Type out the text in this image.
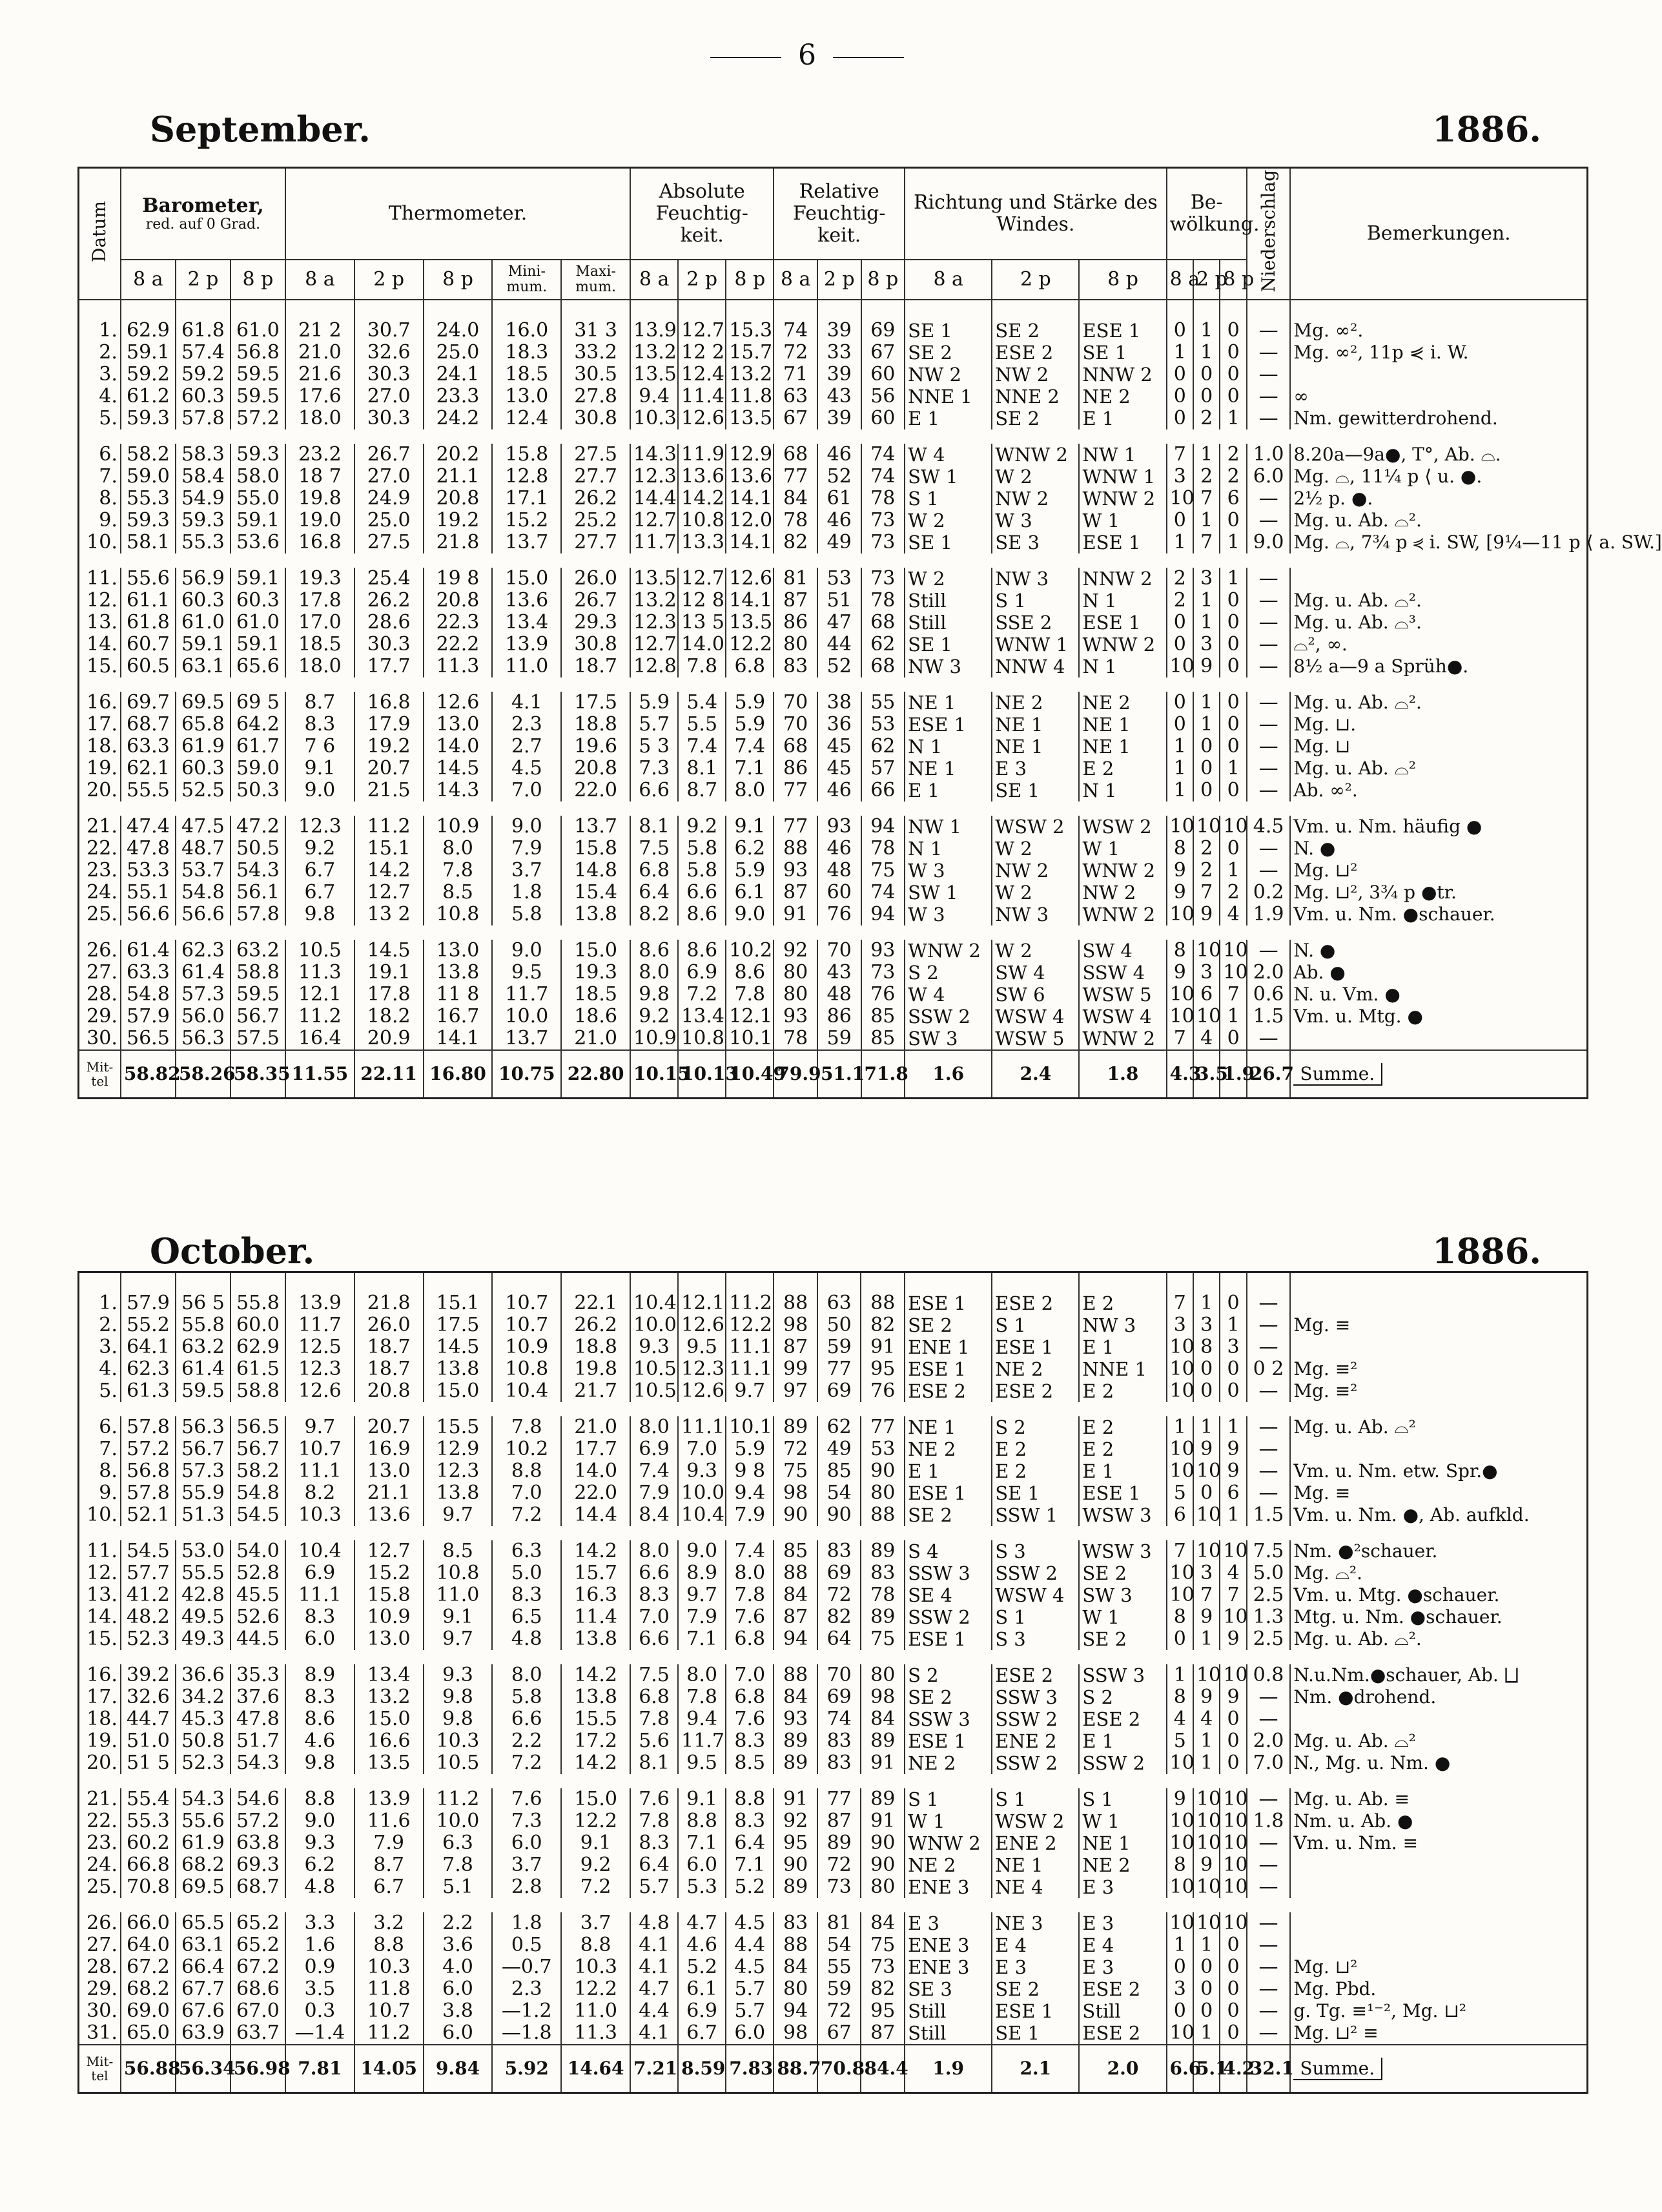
6
September.	1886.
Datum	Barometer,
red. auf 0 Grad.			Thermometer.					Absolute Feuchtig- keit.			Relative Feuchtig- keit.			Richtung und Stärke des Windes.			Be- wölkung.			Niederschlag	Bemerkungen.
	8 a	2 p	8 p	8 a	2 p	8 p	Mini- mum.	Maxi- mum.	8 a	2 p	8 p	8 a	2 p	8 p	8 a	2 p	8 p	8 a	2 p	8 p		
1.	62.9	61.8	61.0	21 2	30.7	24.0	16.0	31 3	13.9	12.7	15.3	74	39	69	SE 1	SE 2	ESE 1	0	1	0	—	Mg. ∞².
2.	59.1	57.4	56.8	21.0	32.6	25.0	18.3	33.2	13.2	12 2	15.7	72	33	67	SE 2	ESE 2	SE 1	1	1	0	—	Mg. ∞², 11p ⋞ i. W.
3.	59.2	59.2	59.5	21.6	30.3	24.1	18.5	30.5	13.5	12.4	13.2	71	39	60	NW 2	NW 2	NNW 2	0	0	0	—	
4.	61.2	60.3	59.5	17.6	27.0	23.3	13.0	27.8	9.4	11.4	11.8	63	43	56	NNE 1	NNE 2	NE 2	0	0	0	—	∞
5.	59.3	57.8	57.2	18.0	30.3	24.2	12.4	30.8	10.3	12.6	13.5	67	39	60	E 1	SE 2	E 1	0	2	1	—	Nm. gewitterdrohend.

6.	58.2	58.3	59.3	23.2	26.7	20.2	15.8	27.5	14.3	11.9	12.9	68	46	74	W 4	WNW 2	NW 1	7	1	2	1.0	8.20a—9a●, T°, Ab. ⌓.
7.	59.0	58.4	58.0	18 7	27.0	21.1	12.8	27.7	12.3	13.6	13.6	77	52	74	SW 1	W 2	WNW 1	3	2	2	6.0	Mg. ⌓, 11¼ p ⟨ u. ●.
8.	55.3	54.9	55.0	19.8	24.9	20.8	17.1	26.2	14.4	14.2	14.1	84	61	78	S 1	NW 2	WNW 2	10	7	6	—	2½ p. ●.
9.	59.3	59.3	59.1	19.0	25.0	19.2	15.2	25.2	12.7	10.8	12.0	78	46	73	W 2	W 3	W 1	0	1	0	—	Mg. u. Ab. ⌓².
10.	58.1	55.3	53.6	16.8	27.5	21.8	13.7	27.7	11.7	13.3	14.1	82	49	73	SE 1	SE 3	ESE 1	1	7	1	9.0	Mg. ⌓, 7¾ p ⋞ i. SW, [9¼—11 p ⟨ a. SW.]

11.	55.6	56.9	59.1	19.3	25.4	19 8	15.0	26.0	13.5	12.7	12.6	81	53	73	W 2	NW 3	NNW 2	2	3	1	—	
12.	61.1	60.3	60.3	17.8	26.2	20.8	13.6	26.7	13.2	12 8	14.1	87	51	78	Still	S 1	N 1	2	1	0	—	Mg. u. Ab. ⌓².
13.	61.8	61.0	61.0	17.0	28.6	22.3	13.4	29.3	12.3	13 5	13.5	86	47	68	Still	SSE 2	ESE 1	0	1	0	—	Mg. u. Ab. ⌓³.
14.	60.7	59.1	59.1	18.5	30.3	22.2	13.9	30.8	12.7	14.0	12.2	80	44	62	SE 1	WNW 1	WNW 2	0	3	0	—	⌓², ∞.
15.	60.5	63.1	65.6	18.0	17.7	11.3	11.0	18.7	12.8	7.8	6.8	83	52	68	NW 3	NNW 4	N 1	10	9	0	—	8½ a—9 a Sprüh●.

16.	69.7	69.5	69 5	8.7	16.8	12.6	4.1	17.5	5.9	5.4	5.9	70	38	55	NE 1	NE 2	NE 2	0	1	0	—	Mg. u. Ab. ⌓².
17.	68.7	65.8	64.2	8.3	17.9	13.0	2.3	18.8	5.7	5.5	5.9	70	36	53	ESE 1	NE 1	NE 1	0	1	0	—	Mg. ⊔.
18.	63.3	61.9	61.7	7 6	19.2	14.0	2.7	19.6	5 3	7.4	7.4	68	45	62	N 1	NE 1	NE 1	1	0	0	—	Mg. ⊔
19.	62.1	60.3	59.0	9.1	20.7	14.5	4.5	20.8	7.3	8.1	7.1	86	45	57	NE 1	E 3	E 2	1	0	1	—	Mg. u. Ab. ⌓²
20.	55.5	52.5	50.3	9.0	21.5	14.3	7.0	22.0	6.6	8.7	8.0	77	46	66	E 1	SE 1	N 1	1	0	0	—	Ab. ∞².

21.	47.4	47.5	47.2	12.3	11.2	10.9	9.0	13.7	8.1	9.2	9.1	77	93	94	NW 1	WSW 2	WSW 2	10	10	10	4.5	Vm. u. Nm. häufig ●
22.	47.8	48.7	50.5	9.2	15.1	8.0	7.9	15.8	7.5	5.8	6.2	88	46	78	N 1	W 2	W 1	8	2	0	—	N. ●
23.	53.3	53.7	54.3	6.7	14.2	7.8	3.7	14.8	6.8	5.8	5.9	93	48	75	W 3	NW 2	WNW 2	9	2	1	—	Mg. ⊔²
24.	55.1	54.8	56.1	6.7	12.7	8.5	1.8	15.4	6.4	6.6	6.1	87	60	74	SW 1	W 2	NW 2	9	7	2	0.2	Mg. ⊔², 3¾ p ●tr.
25.	56.6	56.6	57.8	9.8	13 2	10.8	5.8	13.8	8.2	8.6	9.0	91	76	94	W 3	NW 3	WNW 2	10	9	4	1.9	Vm. u. Nm. ●schauer.

26.	61.4	62.3	63.2	10.5	14.5	13.0	9.0	15.0	8.6	8.6	10.2	92	70	93	WNW 2	W 2	SW 4	8	10	10	—	N. ●
27.	63.3	61.4	58.8	11.3	19.1	13.8	9.5	19.3	8.0	6.9	8.6	80	43	73	S 2	SW 4	SSW 4	9	3	10	2.0	Ab. ●
28.	54.8	57.3	59.5	12.1	17.8	11 8	11.7	18.5	9.8	7.2	7.8	80	48	76	W 4	SW 6	WSW 5	10	6	7	0.6	N. u. Vm. ●
29.	57.9	56.0	56.7	11.2	18.2	16.7	10.0	18.6	9.2	13.4	12.1	93	86	85	SSW 2	WSW 4	WSW 4	10	10	1	1.5	Vm. u. Mtg. ●
30.	56.5	56.3	57.5	16.4	20.9	14.1	13.7	21.0	10.9	10.8	10.1	78	59	85	SW 3	WSW 5	WNW 2	7	4	0	—	
Mit- tel	58.82	58.26	58.35	11.55	22.11	16.80	10.75	22.80	10.15	10.13	10.49	79.9	51.1	71.8	1.6	2.4	1.8	4.3	3.5	1.9	26.7	Summe.
October.	1886.
1.	57.9	56 5	55.8	13.9	21.8	15.1	10.7	22.1	10.4	12.1	11.2	88	63	88	ESE 1	ESE 2	E 2	7	1	0	—	
2.	55.2	55.8	60.0	11.7	26.0	17.5	10.7	26.2	10.0	12.6	12.2	98	50	82	SE 2	S 1	NW 3	3	3	1	—	Mg. ≡
3.	64.1	63.2	62.9	12.5	18.7	14.5	10.9	18.8	9.3	9.5	11.1	87	59	91	ENE 1	ESE 1	E 1	10	8	3	—	
4.	62.3	61.4	61.5	12.3	18.7	13.8	10.8	19.8	10.5	12.3	11.1	99	77	95	ESE 1	NE 2	NNE 1	10	0	0	0 2	Mg. ≡²
5.	61.3	59.5	58.8	12.6	20.8	15.0	10.4	21.7	10.5	12.6	9.7	97	69	76	ESE 2	ESE 2	E 2	10	0	0	—	Mg. ≡²

6.	57.8	56.3	56.5	9.7	20.7	15.5	7.8	21.0	8.0	11.1	10.1	89	62	77	NE 1	S 2	E 2	1	1	1	—	Mg. u. Ab. ⌓²
7.	57.2	56.7	56.7	10.7	16.9	12.9	10.2	17.7	6.9	7.0	5.9	72	49	53	NE 2	E 2	E 2	10	9	9	—	
8.	56.8	57.3	58.2	11.1	13.0	12.3	8.8	14.0	7.4	9.3	9 8	75	85	90	E 1	E 2	E 1	10	10	9	—	Vm. u. Nm. etw. Spr.●
9.	57.8	55.9	54.8	8.2	21.1	13.8	7.0	22.0	7.9	10.0	9.4	98	54	80	ESE 1	SE 1	ESE 1	5	0	6	—	Mg. ≡
10.	52.1	51.3	54.5	10.3	13.6	9.7	7.2	14.4	8.4	10.4	7.9	90	90	88	SE 2	SSW 1	WSW 3	6	10	1	1.5	Vm. u. Nm. ●, Ab. aufkld.

11.	54.5	53.0	54.0	10.4	12.7	8.5	6.3	14.2	8.0	9.0	7.4	85	83	89	S 4	S 3	WSW 3	7	10	10	7.5	Nm. ●²schauer.
12.	57.7	55.5	52.8	6.9	15.2	10.8	5.0	15.7	6.6	8.9	8.0	88	69	83	SSW 3	SSW 2	SE 2	10	3	4	5.0	Mg. ⌓².
13.	41.2	42.8	45.5	11.1	15.8	11.0	8.3	16.3	8.3	9.7	7.8	84	72	78	SE 4	WSW 4	SW 3	10	7	7	2.5	Vm. u. Mtg. ●schauer.
14.	48.2	49.5	52.6	8.3	10.9	9.1	6.5	11.4	7.0	7.9	7.6	87	82	89	SSW 2	S 1	W 1	8	9	10	1.3	Mtg. u. Nm. ●schauer.
15.	52.3	49.3	44.5	6.0	13.0	9.7	4.8	13.8	6.6	7.1	6.8	94	64	75	ESE 1	S 3	SE 2	0	1	9	2.5	Mg. u. Ab. ⌓².

16.	39.2	36.6	35.3	8.9	13.4	9.3	8.0	14.2	7.5	8.0	7.0	88	70	80	S 2	ESE 2	SSW 3	1	10	10	0.8	N.u.Nm.●schauer, Ab. ⨆
17.	32.6	34.2	37.6	8.3	13.2	9.8	5.8	13.8	6.8	7.8	6.8	84	69	98	SE 2	SSW 3	S 2	8	9	9	—	Nm. ●drohend.
18.	44.7	45.3	47.8	8.6	15.0	9.8	6.6	15.5	7.8	9.4	7.6	93	74	84	SSW 3	SSW 2	ESE 2	4	4	0	—	
19.	51.0	50.8	51.7	4.6	16.6	10.3	2.2	17.2	5.6	11.7	8.3	89	83	89	ESE 1	ENE 2	E 1	5	1	0	2.0	Mg. u. Ab. ⌓²
20.	51 5	52.3	54.3	9.8	13.5	10.5	7.2	14.2	8.1	9.5	8.5	89	83	91	NE 2	SSW 2	SSW 2	10	1	0	7.0	N., Mg. u. Nm. ●

21.	55.4	54.3	54.6	8.8	13.9	11.2	7.6	15.0	7.6	9.1	8.8	91	77	89	S 1	S 1	S 1	9	10	10	—	Mg. u. Ab. ≡
22.	55.3	55.6	57.2	9.0	11.6	10.0	7.3	12.2	7.8	8.8	8.3	92	87	91	W 1	WSW 2	W 1	10	10	10	1.8	Nm. u. Ab. ●
23.	60.2	61.9	63.8	9.3	7.9	6.3	6.0	9.1	8.3	7.1	6.4	95	89	90	WNW 2	ENE 2	NE 1	10	10	10	—	Vm. u. Nm. ≡
24.	66.8	68.2	69.3	6.2	8.7	7.8	3.7	9.2	6.4	6.0	7.1	90	72	90	NE 2	NE 1	NE 2	8	9	10	—	
25.	70.8	69.5	68.7	4.8	6.7	5.1	2.8	7.2	5.7	5.3	5.2	89	73	80	ENE 3	NE 4	E 3	10	10	10	—	

26.	66.0	65.5	65.2	3.3	3.2	2.2	1.8	3.7	4.8	4.7	4.5	83	81	84	E 3	NE 3	E 3	10	10	10	—	
27.	64.0	63.1	65.2	1.6	8.8	3.6	0.5	8.8	4.1	4.6	4.4	88	54	75	ENE 3	E 4	E 4	1	1	0	—	
28.	67.2	66.4	67.2	0.9	10.3	4.0	—0.7	10.3	4.1	5.2	4.5	84	55	73	ENE 3	E 3	E 3	0	0	0	—	Mg. ⊔²
29.	68.2	67.7	68.6	3.5	11.8	6.0	2.3	12.2	4.7	6.1	5.7	80	59	82	SE 3	SE 2	ESE 2	3	0	0	—	Mg. Pbd.
30.	69.0	67.6	67.0	0.3	10.7	3.8	—1.2	11.0	4.4	6.9	5.7	94	72	95	Still	ESE 1	Still	0	0	0	—	g. Tg. ≡¹⁻², Mg. ⊔²
31.	65.0	63.9	63.7	—1.4	11.2	6.0	—1.8	11.3	4.1	6.7	6.0	98	67	87	Still	SE 1	ESE 2	10	1	0	—	Mg. ⊔² ≡
Mit- tel	56.88	56.34	56.98	7.81	14.05	9.84	5.92	14.64	7.21	8.59	7.83	88.7	70.8	84.4	1.9	2.1	2.0	6.6	5.1	4.2	32.1	Summe.
